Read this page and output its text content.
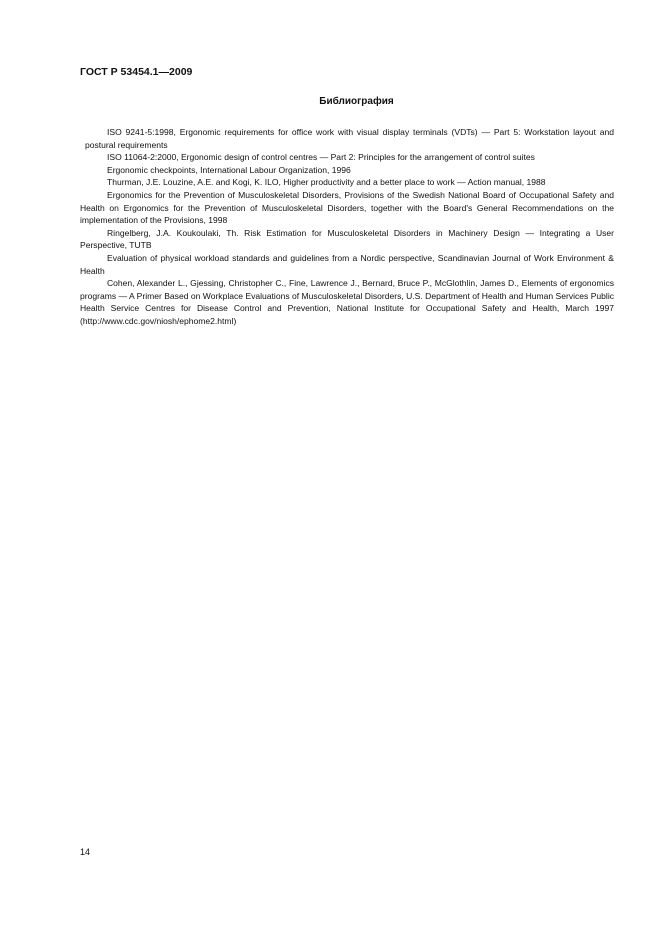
ГОСТ Р 53454.1—2009
Библиография

ISO 9241-5:1998, Ergonomic requirements for office work with visual display terminals (VDTs) — Part 5: Workstation layout and postural requirements

ISO 11064-2:2000, Ergonomic design of control centres — Part 2: Principles for the arrangement of control suites

Ergonomic checkpoints, International Labour Organization, 1996

Thurman, J.E. Louzine, A.E. and Kogi, K. ILO, Higher productivity and a better place to work — Action manual, 1988

Ergonomics for the Prevention of Musculoskeletal Disorders, Provisions of the Swedish National Board of Occupational Safety and Health on Ergonomics for the Prevention of Musculoskeletal Disorders, together with the Board's General Recommendations on the implementation of the Provisions, 1998

Ringelberg, J.A. Koukoulaki, Th. Risk Estimation for Musculoskeletal Disorders in Machinery Design — Integrating a User Perspective, TUTB

Evaluation of physical workload standards and guidelines from a Nordic perspective, Scandinavian Journal of Work Environment & Health

Cohen, Alexander L., Gjessing, Christopher C., Fine, Lawrence J., Bernard, Bruce P., McGlothlin, James D., Elements of ergonomics programs — A Primer Based on Workplace Evaluations of Musculoskeletal Disorders, U.S. Department of Health and Human Services Public Health Service Centres for Disease Control and Prevention, National Institute for Occupational Safety and Health, March 1997 (http://www.cdc.gov/niosh/ephome2.html)

14
